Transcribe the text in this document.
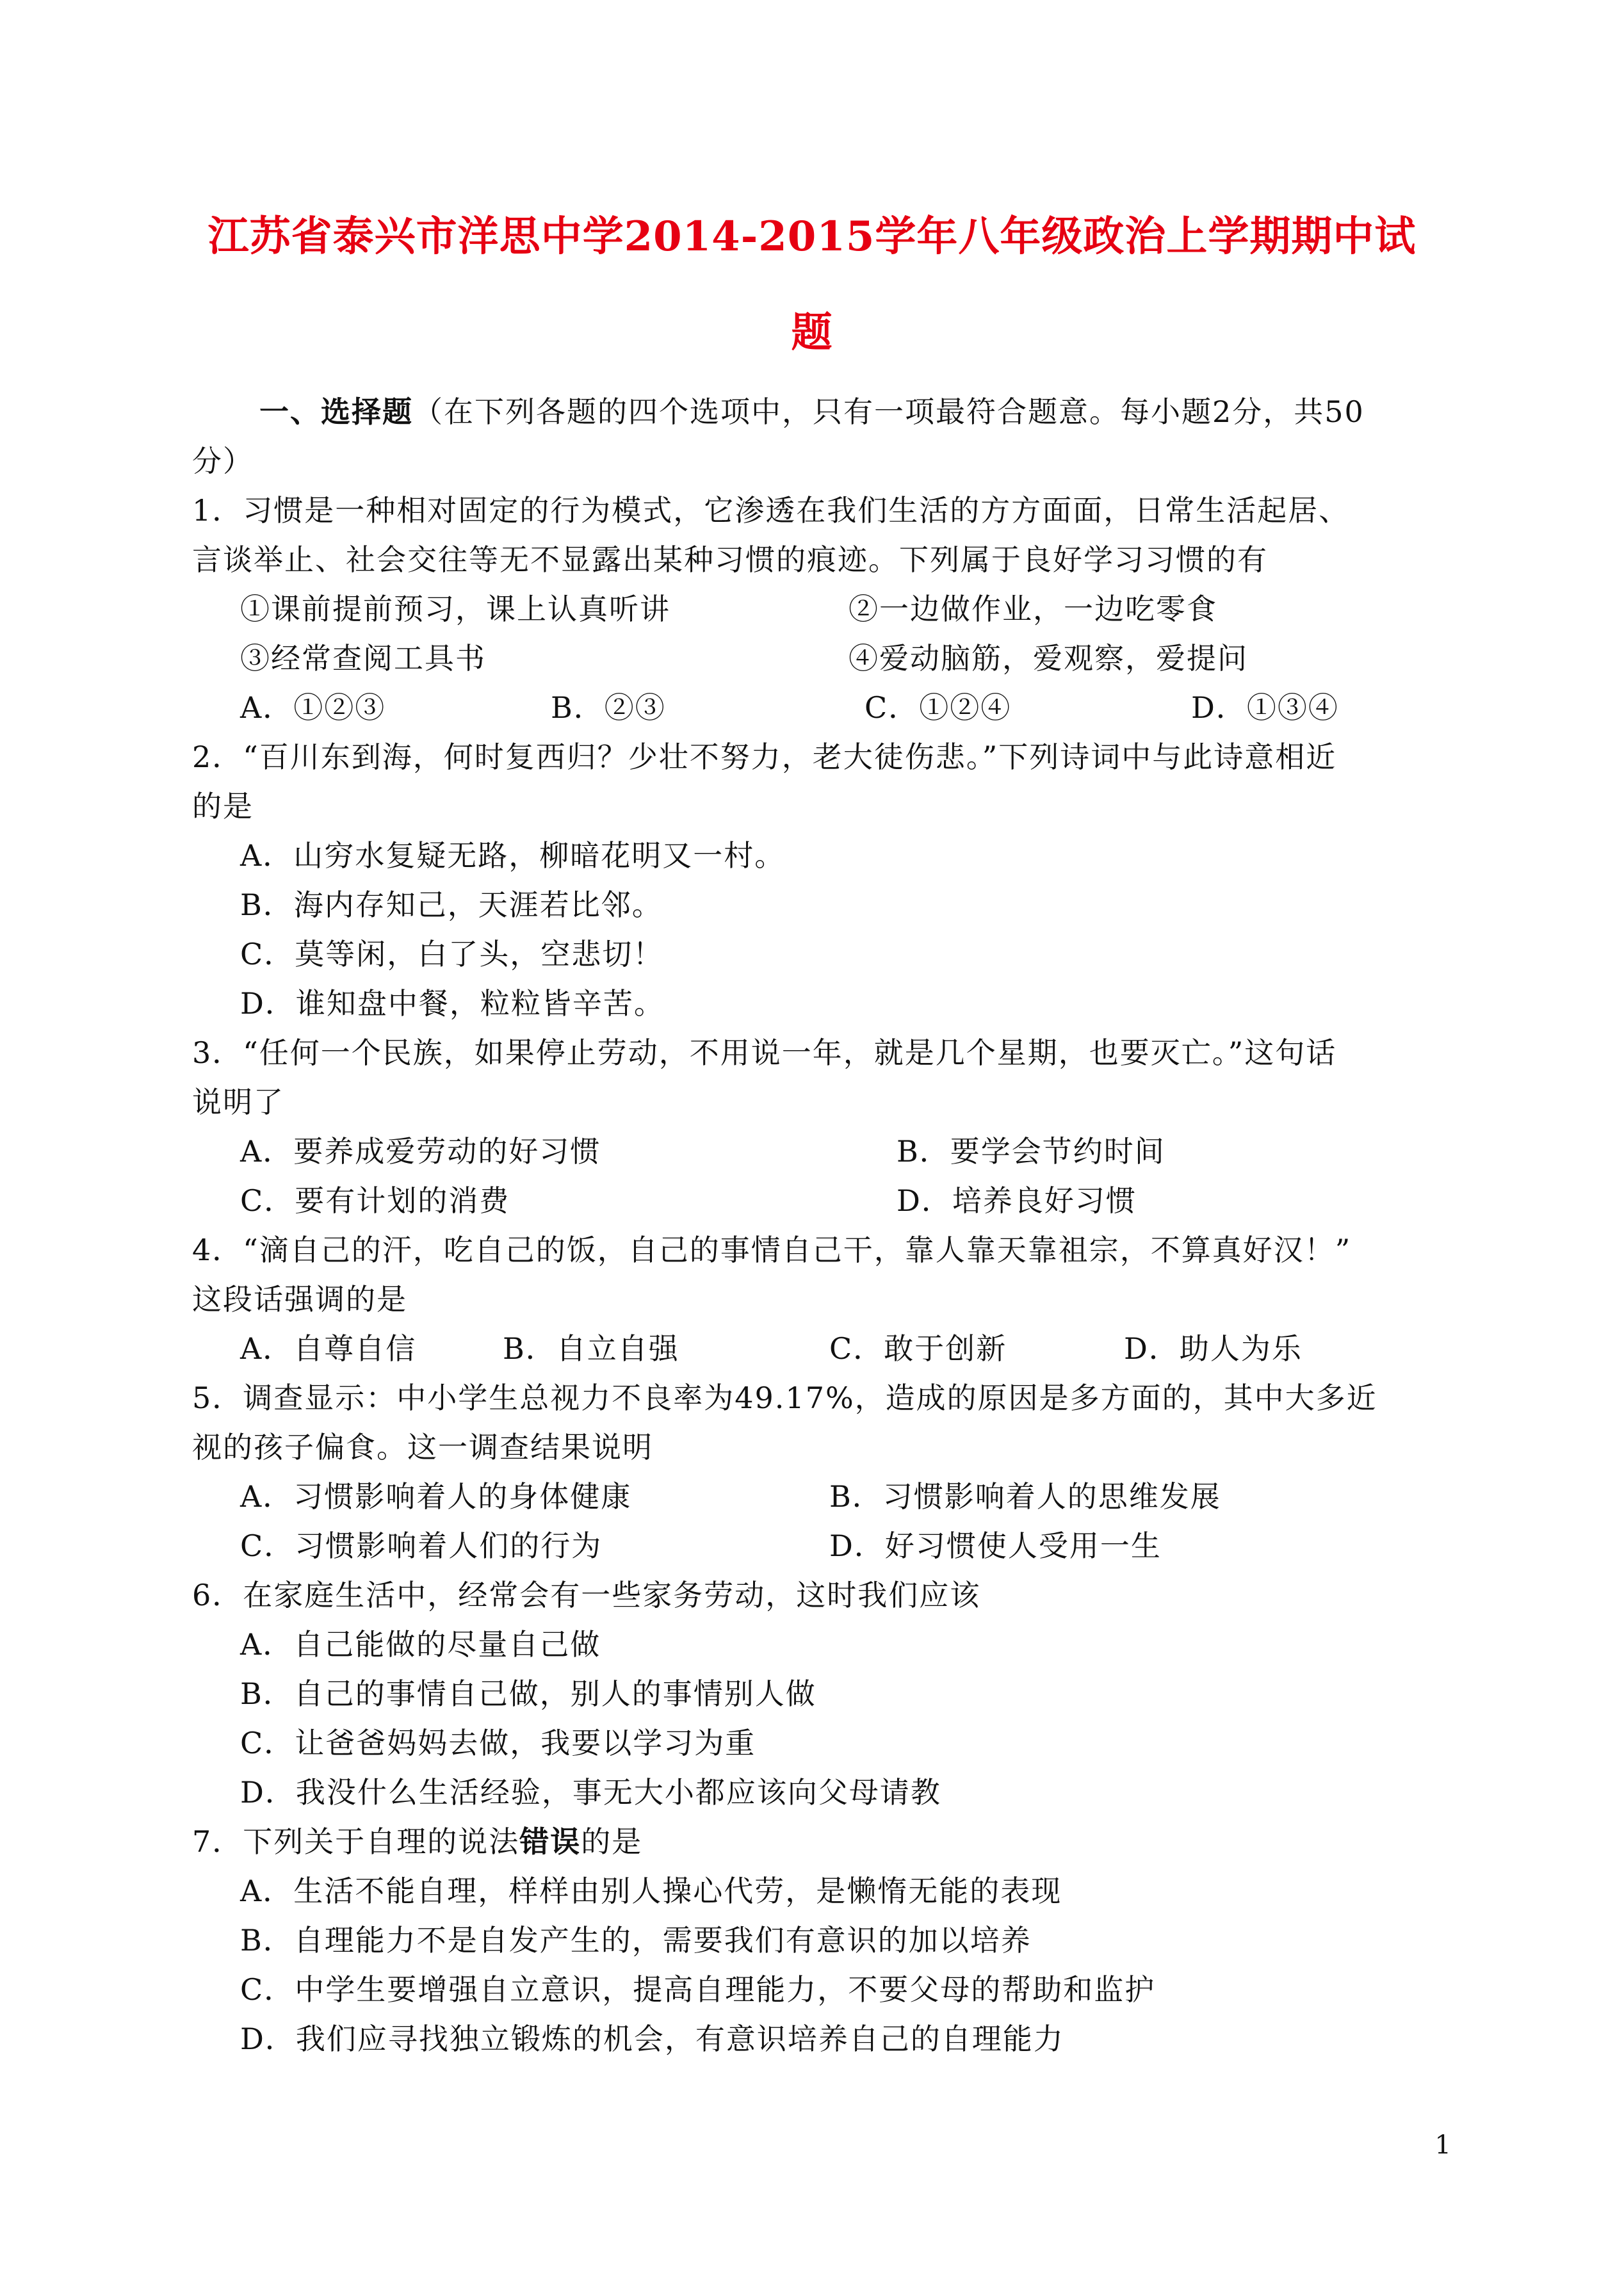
江苏省泰兴市洋思中学2014-2015学年八年级政治上学期期中试
题
一、选择题（在下列各题的四个选项中，只有一项最符合题意。每小题2分，共50
分）
1．习惯是一种相对固定的行为模式，它渗透在我们生活的方方面面，日常生活起居、
言谈举止、社会交往等无不显露出某种习惯的痕迹。下列属于良好学习习惯的有
①课前提前预习，课上认真听讲	②一边做作业，一边吃零食
③经常查阅工具书	④爱动脑筋，爱观察，爱提问
A．①②③	B．②③	C．①②④	D．①③④
2．“百川东到海，何时复西归？少壮不努力，老大徒伤悲。”下列诗词中与此诗意相近
的是
A．山穷水复疑无路，柳暗花明又一村。
B．海内存知己，天涯若比邻。
C．莫等闲，白了头，空悲切！
D．谁知盘中餐，粒粒皆辛苦。
3．“任何一个民族，如果停止劳动，不用说一年，就是几个星期，也要灭亡。”这句话
说明了
A．要养成爱劳动的好习惯	B．要学会节约时间
C．要有计划的消费	D．培养良好习惯
4．“滴自己的汗，吃自己的饭，自己的事情自己干，靠人靠天靠祖宗，不算真好汉！”
这段话强调的是
A．自尊自信	B．自立自强	C．敢于创新	D．助人为乐
5．调查显示：中小学生总视力不良率为49.17%，造成的原因是多方面的，其中大多近
视的孩子偏食。这一调查结果说明
A．习惯影响着人的身体健康	B．习惯影响着人的思维发展
C．习惯影响着人们的行为	D．好习惯使人受用一生
6．在家庭生活中，经常会有一些家务劳动，这时我们应该
A．自己能做的尽量自己做
B．自己的事情自己做，别人的事情别人做
C．让爸爸妈妈去做，我要以学习为重
D．我没什么生活经验，事无大小都应该向父母请教
7．下列关于自理的说法错误的是
A．生活不能自理，样样由别人操心代劳，是懒惰无能的表现
B．自理能力不是自发产生的，需要我们有意识的加以培养
C．中学生要增强自立意识，提高自理能力，不要父母的帮助和监护
D．我们应寻找独立锻炼的机会，有意识培养自己的自理能力
1
